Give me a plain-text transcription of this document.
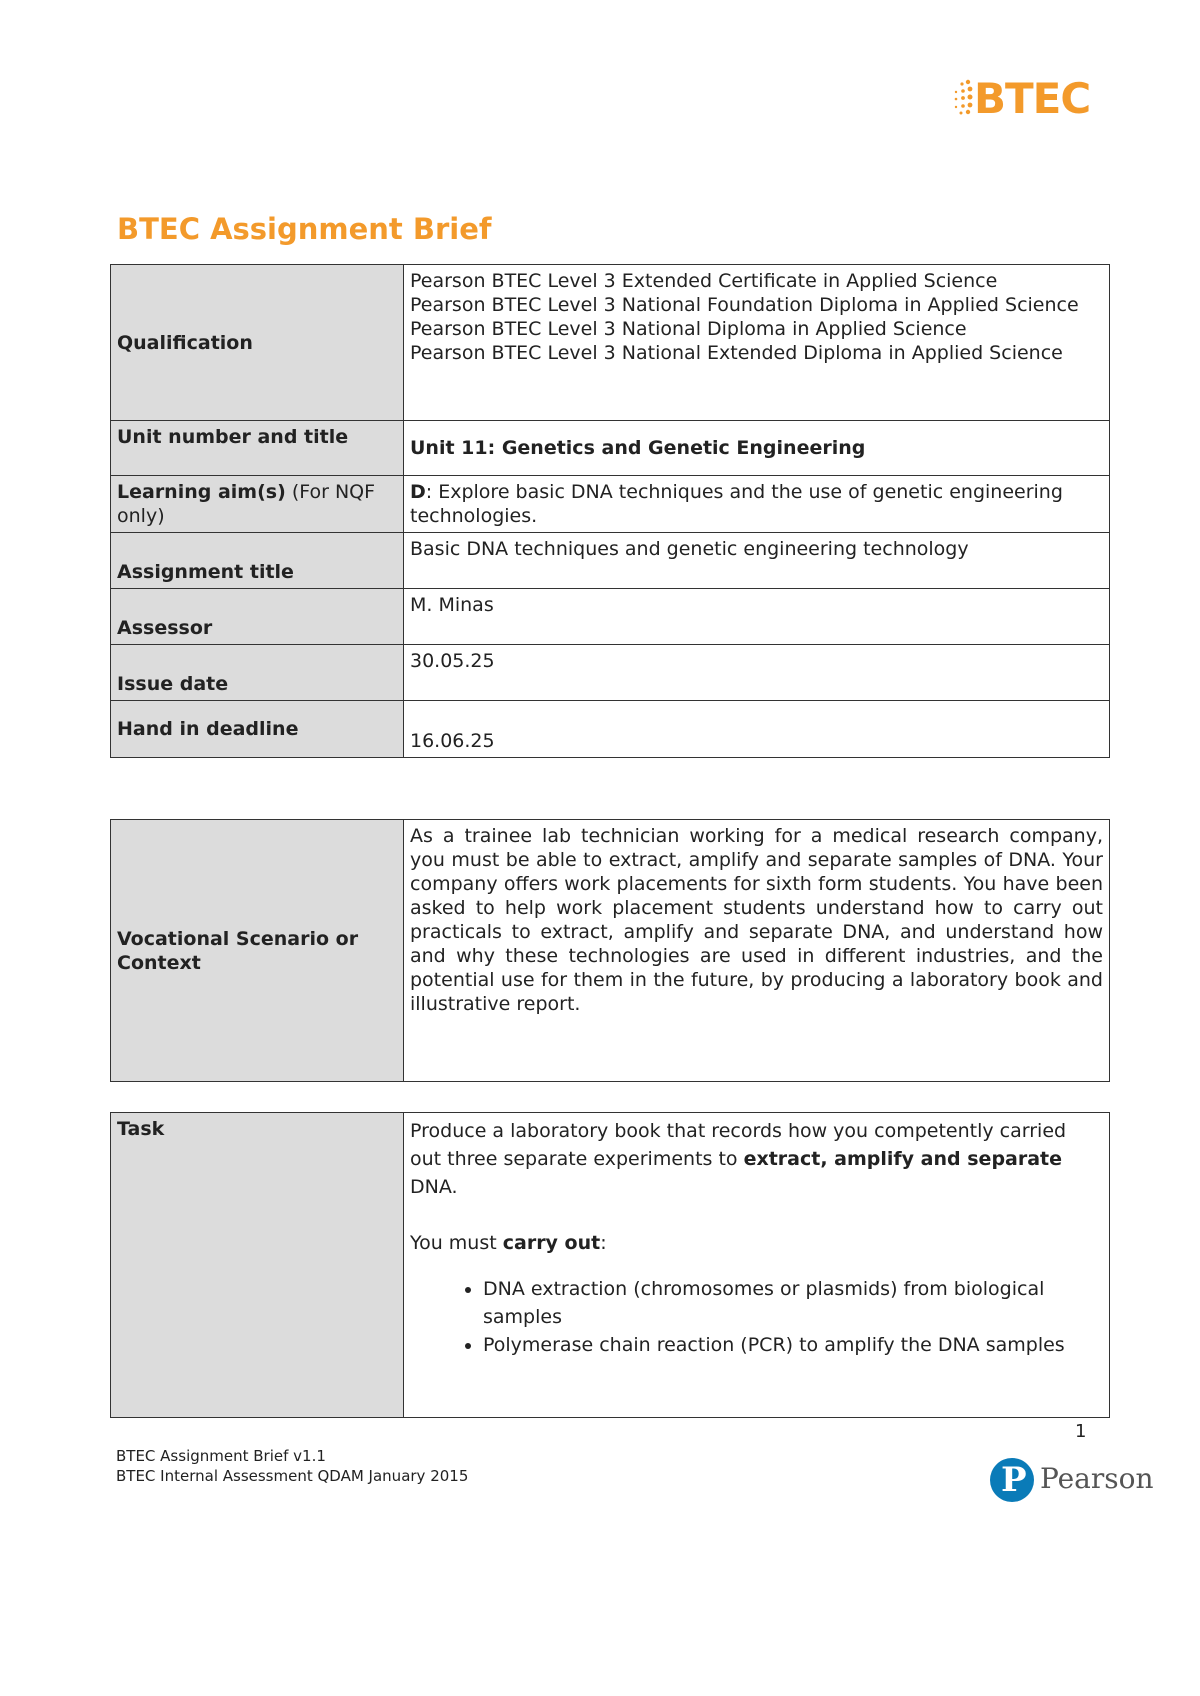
BTEC
BTEC Assignment Brief
Qualification	Pearson BTEC Level 3 Extended Certificate in Applied Science
Pearson BTEC Level 3 National Foundation Diploma in Applied Science
Pearson BTEC Level 3 National Diploma in Applied Science
Pearson BTEC Level 3 National Extended Diploma in Applied Science

Unit number and title	Unit 11: Genetics and Genetic Engineering
Learning aim(s) (For NQF only)	D: Explore basic DNA techniques and the use of genetic engineering technologies.
Assignment title	Basic DNA techniques and genetic engineering technology
Assessor	M. Minas
Issue date	30.05.25
Hand in deadline	16.06.25
Vocational Scenario or Context	As a trainee lab technician working for a medical research company, you must be able to extract, amplify and separate samples of DNA. Your company offers work placements for sixth form students. You have been asked to help work placement students understand how to carry out practicals to extract, amplify and separate DNA, and understand how and why these technologies are used in different industries, and the potential use for them in the future, by producing a laboratory book and illustrative report.
Task	Produce a laboratory book that records how you competently carried out three separate experiments to extract, amplify and separate DNA.
You must carry out:
• DNA extraction (chromosomes or plasmids) from biological samples
• Polymerase chain reaction (PCR) to amplify the DNA samples
1
BTEC Assignment Brief v1.1
BTEC Internal Assessment QDAM January 2015	P Pearson
